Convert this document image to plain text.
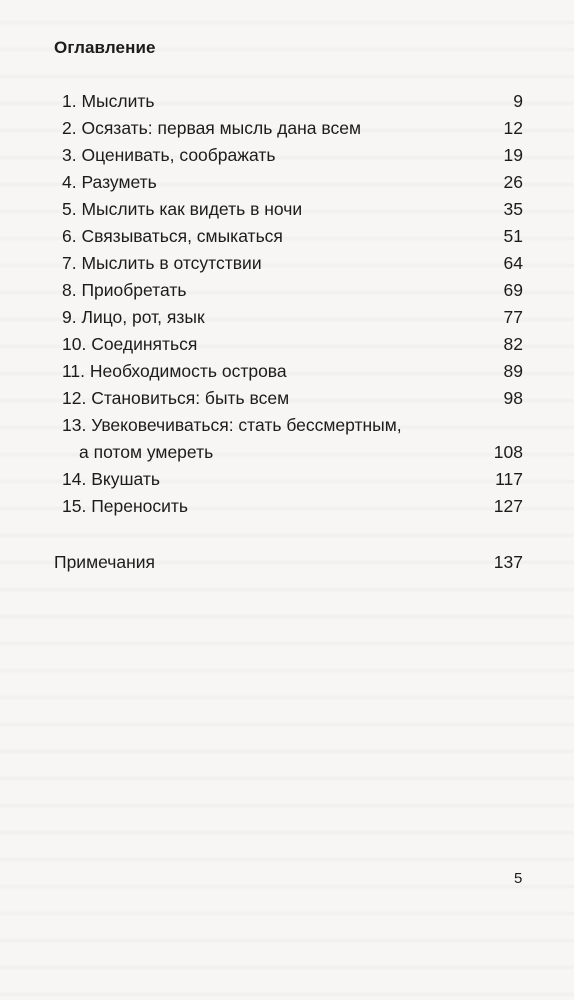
Оглавление
1. Мыслить	9
2. Осязать: первая мысль дана всем	12
3. Оценивать, соображать	19
4. Разуметь	26
5. Мыслить как видеть в ночи	35
6. Связываться, смыкаться	51
7. Мыслить в отсутствии	64
8. Приобретать	69
9. Лицо, рот, язык	77
10. Соединяться	82
11. Необходимость острова	89
12. Становиться: быть всем	98
13. Увековечиваться: стать бессмертным,
а потом умереть	108
14. Вкушать	117
15. Переносить	127
Примечания	137
5
